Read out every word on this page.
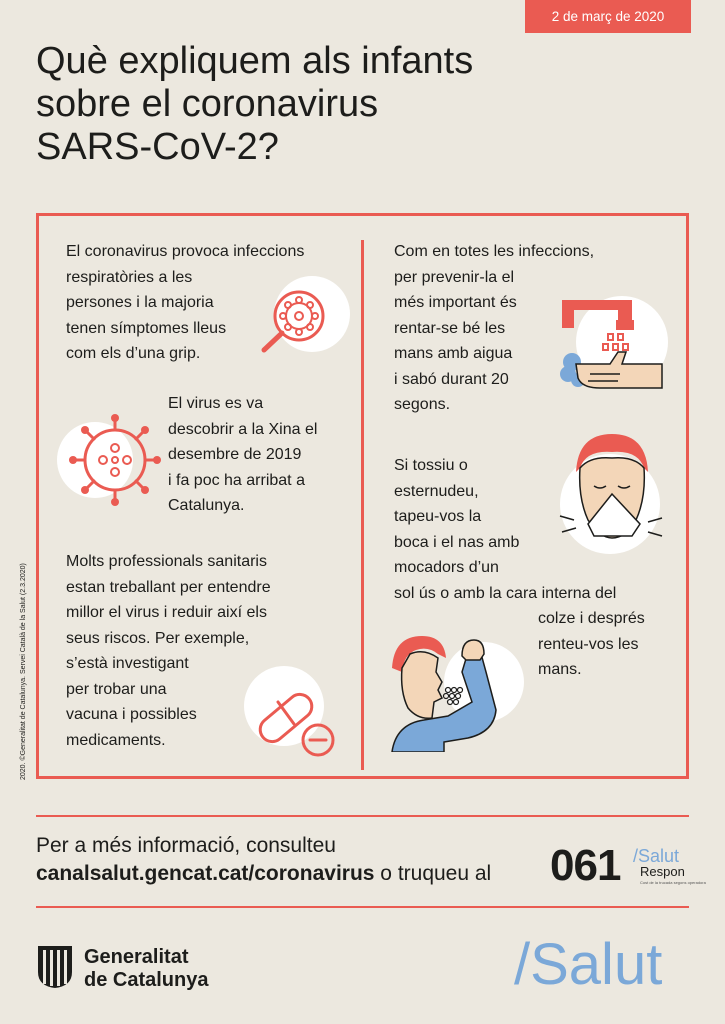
2 de març de 2020
Què expliquem als infants
sobre el coronavirus
SARS-CoV-2?
2020. ©Generalitat de Catalunya. Servei Català de la Salut (2.3.2020)
El coronavirus provoca infeccions
respiratòries a les
persones i la majoria
tenen símptomes lleus
com els d’una grip.
El virus es va
descobrir a la Xina el
desembre de 2019
i fa poc ha arribat a
Catalunya.
Molts professionals sanitaris
estan treballant per entendre
millor el virus i reduir així els
seus riscos. Per exemple,
s’està investigant
per trobar una
vacuna i possibles
medicaments.
Com en totes les infeccions,
per prevenir-la el
més important és
rentar-se bé les
mans amb aigua
i sabó durant 20
segons.
Si tossiu o
esternudeu,
tapeu-vos la
boca i el nas amb
mocadors d’un
sol ús o amb la cara interna del
colze i després
renteu-vos les
mans.
Per a més informació, consulteu
canalsalut.gencat.cat/coronavirus o truqueu al 061 /Salut
Respon
Cost de la trucada segons operadora
Generalitat
de Catalunya	/Salut
